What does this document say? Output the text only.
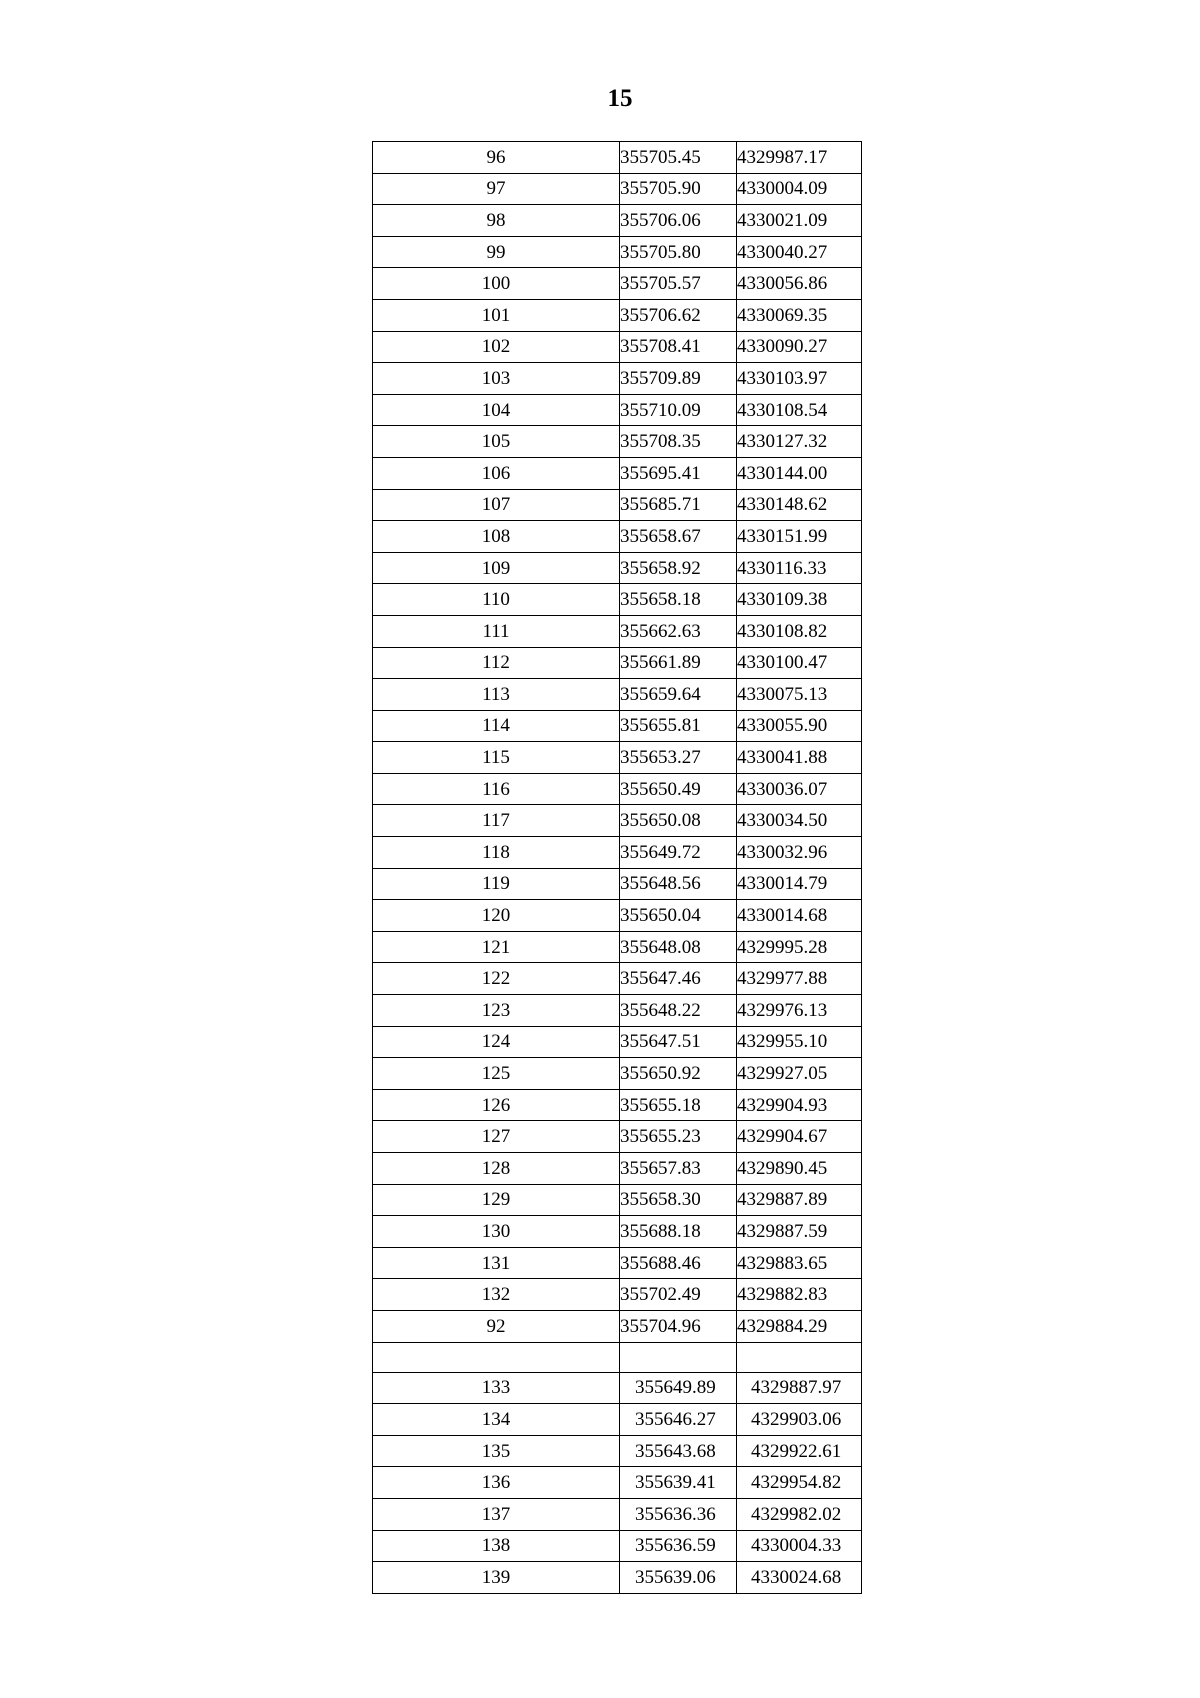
15
96	355705.45	4329987.17
97	355705.90	4330004.09
98	355706.06	4330021.09
99	355705.80	4330040.27
100	355705.57	4330056.86
101	355706.62	4330069.35
102	355708.41	4330090.27
103	355709.89	4330103.97
104	355710.09	4330108.54
105	355708.35	4330127.32
106	355695.41	4330144.00
107	355685.71	4330148.62
108	355658.67	4330151.99
109	355658.92	4330116.33
110	355658.18	4330109.38
111	355662.63	4330108.82
112	355661.89	4330100.47
113	355659.64	4330075.13
114	355655.81	4330055.90
115	355653.27	4330041.88
116	355650.49	4330036.07
117	355650.08	4330034.50
118	355649.72	4330032.96
119	355648.56	4330014.79
120	355650.04	4330014.68
121	355648.08	4329995.28
122	355647.46	4329977.88
123	355648.22	4329976.13
124	355647.51	4329955.10
125	355650.92	4329927.05
126	355655.18	4329904.93
127	355655.23	4329904.67
128	355657.83	4329890.45
129	355658.30	4329887.89
130	355688.18	4329887.59
131	355688.46	4329883.65
132	355702.49	4329882.83
92	355704.96	4329884.29

133	355649.89	4329887.97
134	355646.27	4329903.06
135	355643.68	4329922.61
136	355639.41	4329954.82
137	355636.36	4329982.02
138	355636.59	4330004.33
139	355639.06	4330024.68
